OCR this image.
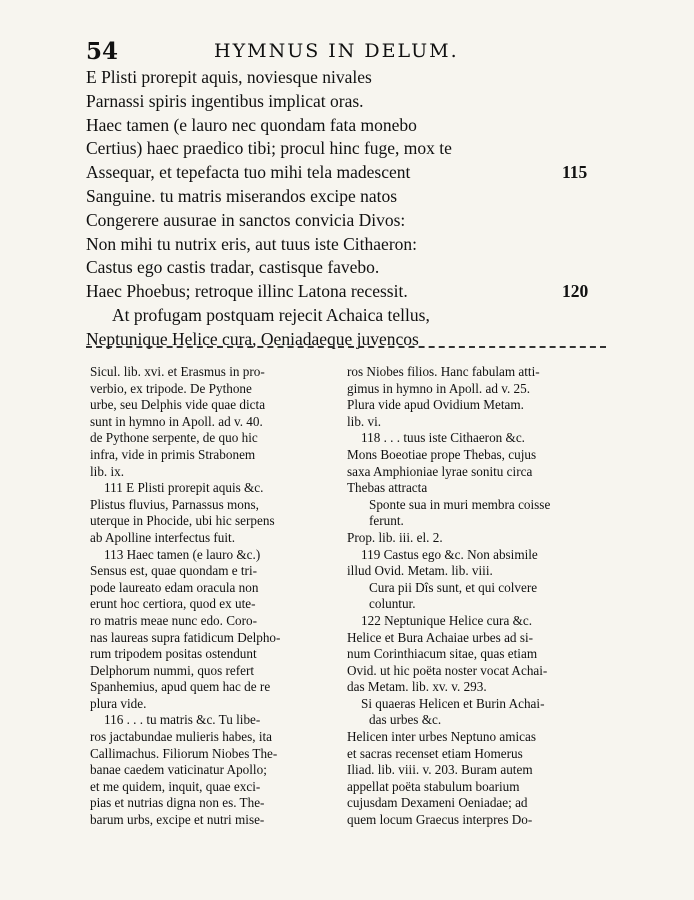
54	HYMNUS IN DELUM.
E Plisti prorepit aquis, noviesque nivales
Parnassi spiris ingentibus implicat oras.
Haec tamen (e lauro nec quondam fata monebo
Certius) haec praedico tibi; procul hinc fuge, mox te
Assequar, et tepefacta tuo mihi tela madescent	115
Sanguine. tu matris miserandos excipe natos
Congerere ausurae in sanctos convicia Divos:
Non mihi tu nutrix eris, aut tuus iste Cithaeron:
Castus ego castis tradar, castisque favebo.
Haec Phoebus; retroque illinc Latona recessit.	120
At profugam postquam rejecit Achaica tellus,
Neptunique Helice cura, Oeniadaeque juvencos
Sicul. lib. xvi. et Erasmus in pro-
verbio, ex tripode. De Pythone
urbe, seu Delphis vide quae dicta
sunt in hymno in Apoll. ad v. 40.
de Pythone serpente, de quo hic
infra, vide in primis Strabonem
lib. ix.
111 E Plisti prorepit aquis &c.
Plistus fluvius, Parnassus mons,
uterque in Phocide, ubi hic serpens
ab Apolline interfectus fuit.
113 Haec tamen (e lauro &c.)
Sensus est, quae quondam e tri-
pode laureato edam oracula non
erunt hoc certiora, quod ex ute-
ro matris meae nunc edo. Coro-
nas laureas supra fatidicum Delpho-
rum tripodem positas ostendunt
Delphorum nummi, quos refert
Spanhemius, apud quem hac de re
plura vide.
116 . . . tu matris &c. Tu libe-
ros jactabundae mulieris habes, ita
Callimachus. Filiorum Niobes The-
banae caedem vaticinatur Apollo;
et me quidem, inquit, quae exci-
pias et nutrias digna non es. The-
barum urbs, excipe et nutri mise-
ros Niobes filios. Hanc fabulam atti-
gimus in hymno in Apoll. ad v. 25.
Plura vide apud Ovidium Metam.
lib. vi.
118 . . . tuus iste Cithaeron &c.
Mons Boeotiae prope Thebas, cujus
saxa Amphioniae lyrae sonitu circa
Thebas attracta
Sponte sua in muri membra coisse
ferunt.
Prop. lib. iii. el. 2.
119 Castus ego &c. Non absimile
illud Ovid. Metam. lib. viii.
Cura pii Dîs sunt, et qui colvere
coluntur.
122 Neptunique Helice cura &c.
Helice et Bura Achaiae urbes ad si-
num Corinthiacum sitae, quas etiam
Ovid. ut hic poëta noster vocat Achai-
das Metam. lib. xv. v. 293.
Si quaeras Helicen et Burin Achai-
das urbes &c.
Helicen inter urbes Neptuno amicas
et sacras recenset etiam Homerus
Iliad. lib. viii. v. 203. Buram autem
appellat poëta stabulum boarium
cujusdam Dexameni Oeniadae; ad
quem locum Graecus interpres Do-
